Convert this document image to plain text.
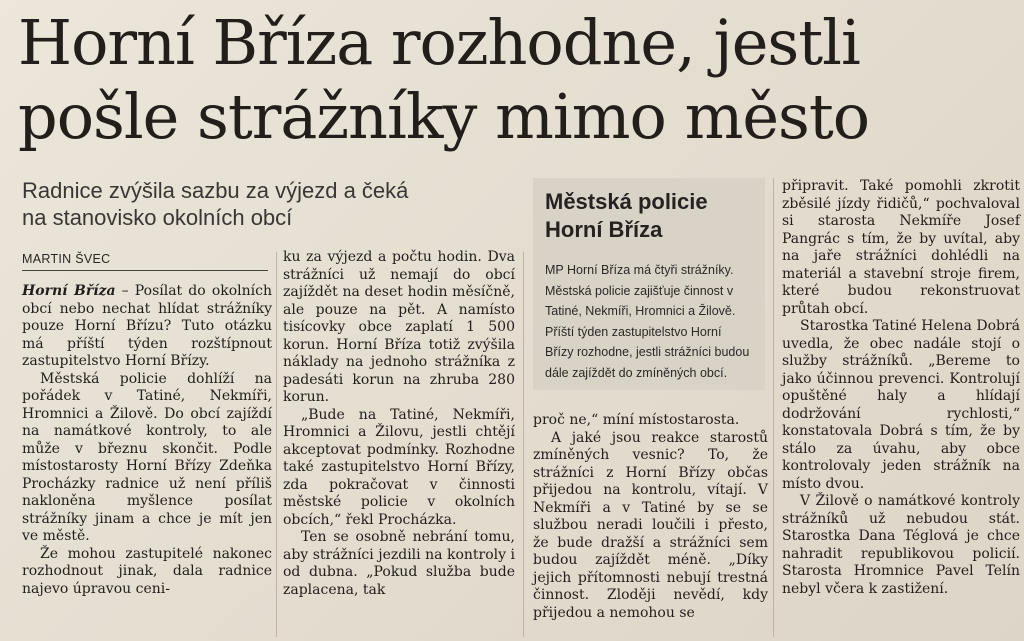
Horní Bříza rozhodne, jestli
pošle strážníky mimo město
Radnice zvýšila sazbu za výjezd a čeká
na stanovisko okolních obcí
MARTIN ŠVEC

Horní Bříza – Posílat do okolních obcí nebo nechat hlídat strážníky pouze Horní Břízu? Tuto otázku má příští týden rozštípnout zastupitelstvo Horní Břízy.

Městská policie dohlíží na pořádek v Tatiné, Nekmíři, Hromnici a Žilově. Do obcí zajíždí na namátkové kontroly, to ale může v březnu skončit. Podle místostarosty Horní Břízy Zdeňka Procházky radnice už není příliš nakloněna myšlence posílat strážníky jinam a chce je mít jen ve městě.

Že mohou zastupitelé nakonec rozhodnout jinak, dala radnice najevo úpravou ceni-

ku za výjezd a počtu hodin. Dva strážníci už nemají do obcí zajíždět na deset hodin měsíčně, ale pouze na pět. A namísto tisícovky obce zaplatí 1 500 korun. Horní Bříza totiž zvýšila náklady na jednoho strážníka z padesáti korun na zhruba 280 korun.

„Bude na Tatiné, Nekmíři, Hromnici a Žilovu, jestli chtějí akceptovat podmínky. Rozhodne také zastupitelstvo Horní Břízy, zda pokračovat v činnosti městské policie v okolních obcích,“ řekl Procházka.

Ten se osobně nebrání tomu, aby strážníci jezdili na kontroly i od dubna. „Pokud služba bude zaplacena, tak

Městská policie
Horní Bříza
MP Horní Bříza má čtyři strážníky. Městská policie zajišťuje činnost v Tatiné, Nekmíři, Hromnici a Žilově. Příští týden zastupitelstvo Horní Břízy rozhodne, jestli strážníci budou dále zajíždět do zmíněných obcí.

proč ne,“ míní místostarosta.

A jaké jsou reakce starostů zmíněných vesnic? To, že strážníci z Horní Břízy občas přijedou na kontrolu, vítají. V Nekmíři a v Tatiné by se se službou neradi loučili i přesto, že bude dražší a strážníci sem budou zajíždět méně. „Díky jejich přítomnosti nebují trestná činnost. Zloději nevědí, kdy přijedou a nemohou se

připravit. Také pomohli zkrotit zběsilé jízdy řidičů,“ pochvaloval si starosta Nekmíře Josef Pangrác s tím, že by uvítal, aby na jaře strážníci dohlédli na materiál a stavební stroje firem, které budou rekonstruovat průtah obcí.

Starostka Tatiné Helena Dobrá uvedla, že obec nadále stojí o služby strážníků. „Bereme to jako účinnou prevenci. Kontrolují opuštěné haly a hlídají dodržování rychlosti,“ konstatovala Dobrá s tím, že by stálo za úvahu, aby obce kontrolovaly jeden strážník na místo dvou.

V Žilově o namátkové kontroly strážníků už nebudou stát. Starostka Dana Téglová je chce nahradit republikovou policií. Starosta Hromnice Pavel Telín nebyl včera k zastižení.
